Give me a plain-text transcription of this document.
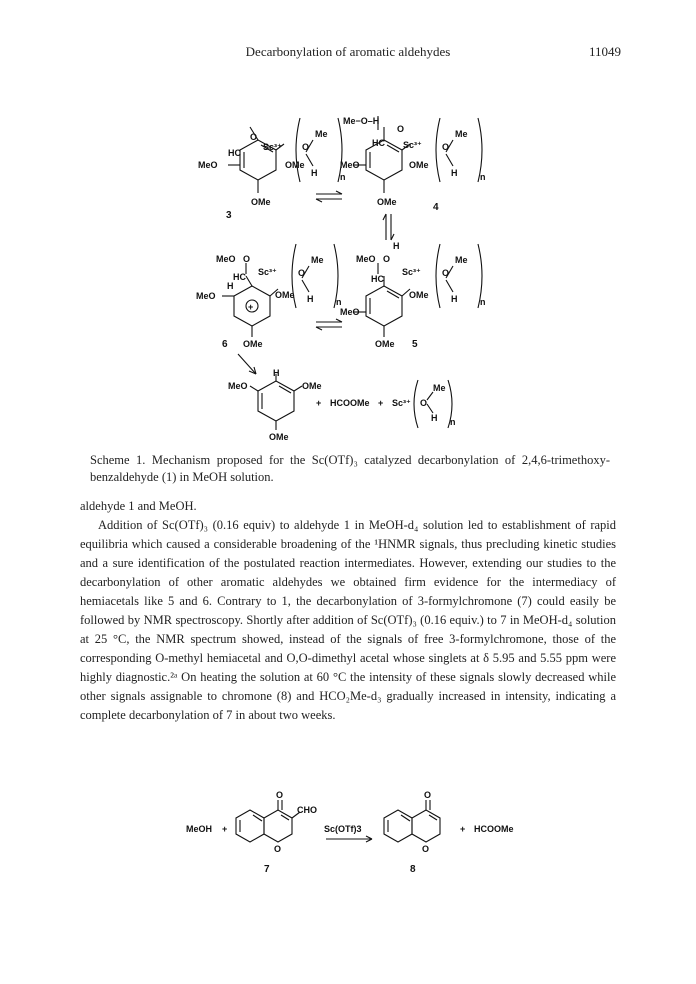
Decarbonylation of aromatic aldehydes	11049
HC
O
Sc³⁺ O
OMe
MeO
OMe
Me
H	n
3
Me−O–H
HC
O
Sc³⁺ O
OMe
MeO
OMe
Me
H	n
4
MeO O
HC
H
Sc³⁺ O
OMe
MeO
+
OMe
Me
H	n
6
MeO O
H
HC
Sc³⁺ O
OMe
MeO
OMe
Me
H	n
5
H
MeO	OMe
OMe
+ HCOOMe + Sc³⁺ O
Me
H n
Scheme 1. Mechanism proposed for the Sc(OTf)₃ catalyzed decarbonylation of 2,4,6-trimethoxy-benzaldehyde (1) in MeOH solution.

aldehyde 1 and MeOH.

Addition of Sc(OTf)₃ (0.16 equiv) to aldehyde 1 in MeOH-d₄ solution led to establishment of rapid equilibria which caused a considerable broadening of the ¹HNMR signals, thus precluding kinetic studies and a sure identification of the postulated reaction intermediates. However, extending our studies to the decarbonylation of other aromatic aldehydes we obtained firm evidence for the intermediacy of hemiacetals like 5 and 6. Contrary to 1, the decarbonylation of 3-formylchromone (7) could easily be followed by NMR spectroscopy. Shortly after addition of Sc(OTf)₃ (0.16 equiv.) to 7 in MeOH-d₄ solution at 25 °C, the NMR spectrum showed, instead of the signals of free 3-formylchromone, those of the corresponding O-methyl hemiacetal and O,O-dimethyl acetal whose singlets at δ 5.95 and 5.55 ppm were highly diagnostic.²ᵃ On heating the solution at 60 °C the intensity of these signals slowly decreased while other signals assignable to chromone (8) and HCO₂Me-d₃ gradually increased in intensity, indicating a complete decarbonylation of 7 in about two weeks.

MeOH +
O
CHO
O
7
Sc(OTf)3
O
O
8
+ HCOOMe
